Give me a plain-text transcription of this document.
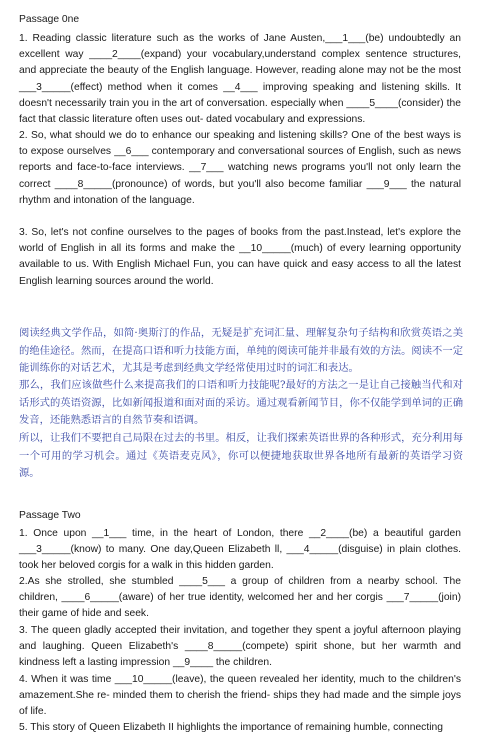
Passage 0ne

1. Reading classic literature such as the works of Jane Austen,___1___(be) undoubtedly an excellent way ____2____(expand) your vocabulary,understand complex sentence structures, and appreciate the beauty of the English language. However, reading alone may not be the most ___3_____(effect) method when it comes __4___ improving speaking and listening skills. It doesn't necessarily train you in the art of conversation. especially when ____5____(consider) the fact that classic literature often uses out- dated vocabulary and expressions.

2. So, what should we do to enhance our speaking and listening skills? One of the best ways is to expose ourselves __6___ contemporary and conversational sources of English, such as news reports and face-to-face interviews. __7___ watching news programs you'll not only learn the correct ____8_____(pronounce) of words, but you'll also become familiar ___9___ the natural rhythm and intonation of the language.

3. So, let's not confine ourselves to the pages of books from the past.Instead, let's explore the world of English in all its forms and make the __10_____(much) of every learning opportunity available to us. With English Michael Fun, you can have quick and easy access to all the latest English learning sources around the world.

阅读经典文学作品，如简·奥斯汀的作品，无疑是扩充词汇量、理解复杂句子结构和欣赏英语之美的绝佳途径。然而，在提高口语和听力技能方面，单纯的阅读可能并非最有效的方法。阅读不一定能训练你的对话艺术，尤其是考虑到经典文学经常使用过时的词汇和表达。

那么，我们应该做些什么来提高我们的口语和听力技能呢?最好的方法之一是让自己接触当代和对话形式的英语资源，比如新闻报道和面对面的采访。通过观看新闻节目，你不仅能学到单词的正确发音，还能熟悉语言的自然节奏和语调。

所以，让我们不要把自己局限在过去的书里。相反，让我们探索英语世界的各种形式，充分利用每一个可用的学习机会。通过《英语麦克风》，你可以便捷地获取世界各地所有最新的英语学习资源。

Passage Two

1. Once upon __1___ time, in the heart of London, there __2____(be) a beautiful garden ___3_____(know) to many. One day,Queen Elizabeth ll, ___4_____(disguise) in plain clothes. took her beloved corgis for a walk in this hidden garden.

2.As she strolled, she stumbled ____5___ a group of children from a nearby school. The children, ____6_____(aware) of her true identity, welcomed her and her corgis ___7_____(join) their game of hide and seek.

3. The queen gladly accepted their invitation, and together they spent a joyful afternoon playing and laughing. Queen Elizabeth's ____8_____(compete) spirit shone, but her warmth and kindness left a lasting impression __9____ the children.

4. When it was time ___10_____(leave), the queen revealed her identity, much to the children's amazement.She re- minded them to cherish the friend- ships they had made and the simple joys of life.

5. This story of Queen Elizabeth II highlights the importance of remaining humble, connecting
